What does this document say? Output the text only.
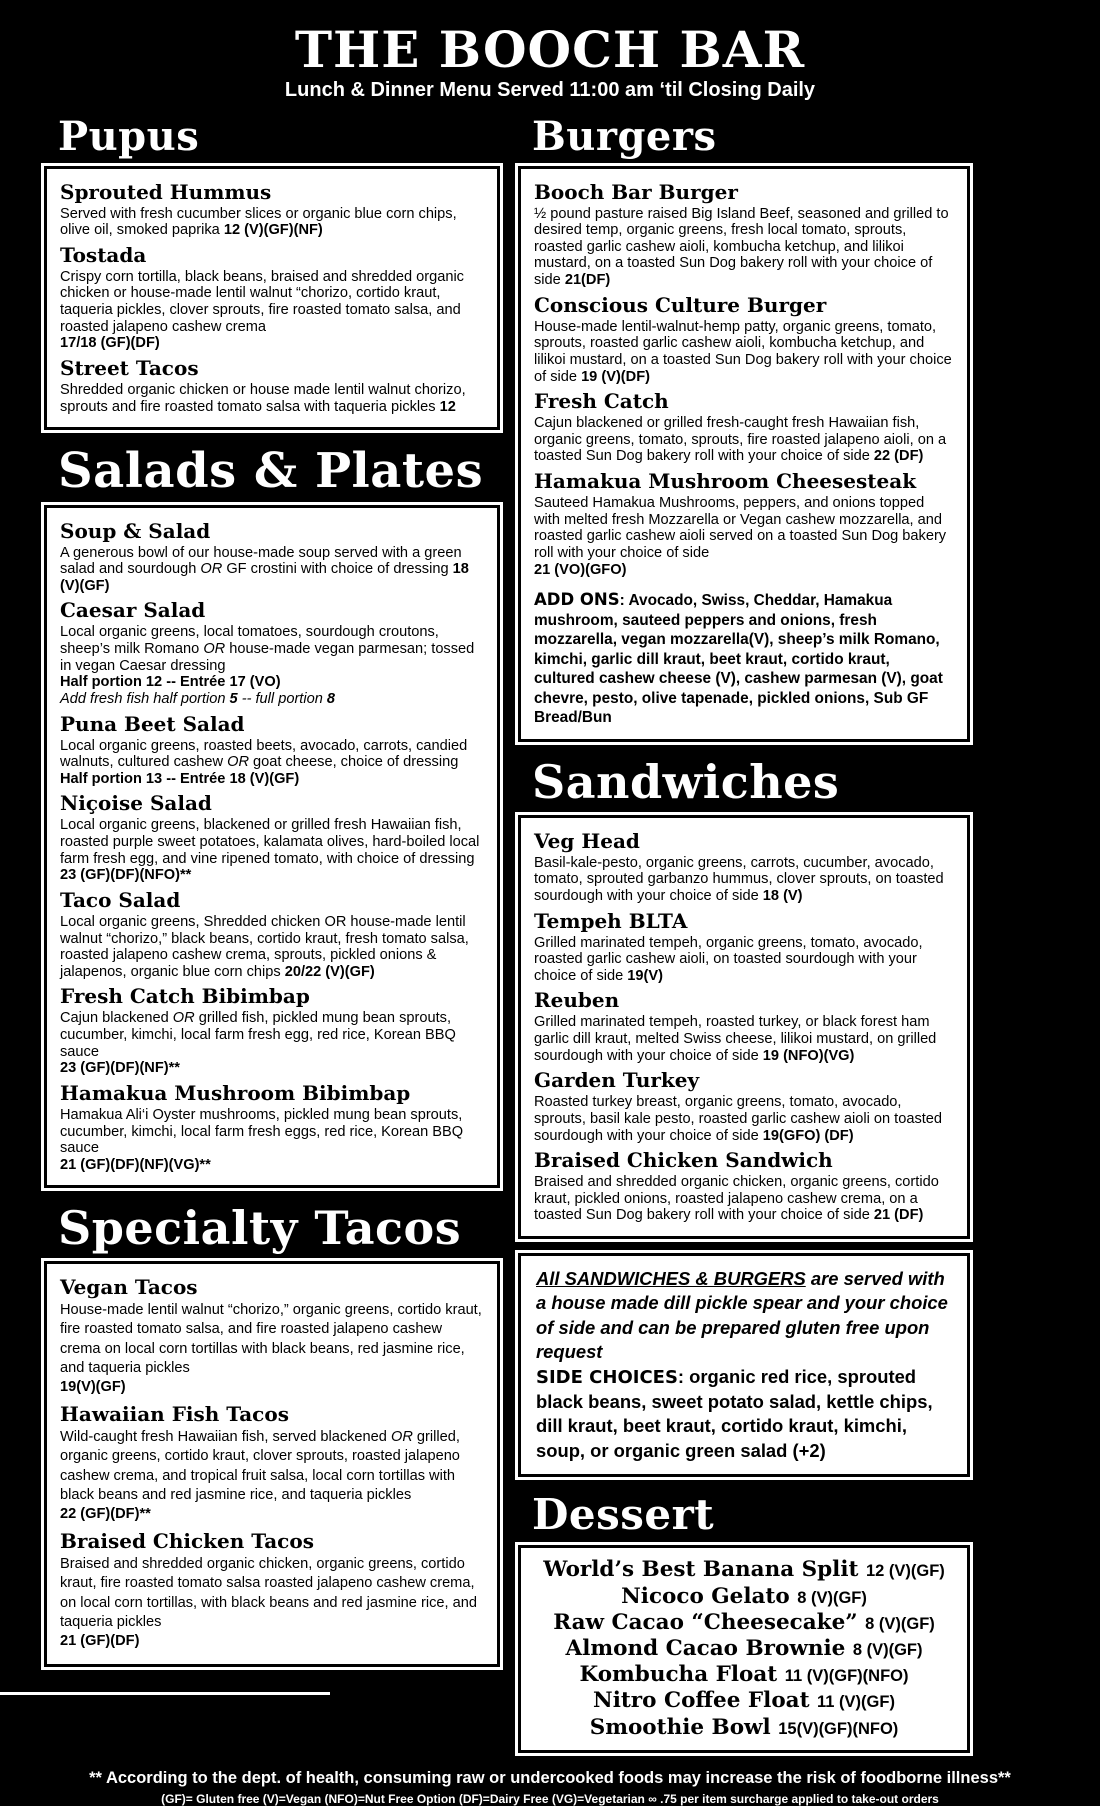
THE BOOCH BAR
Lunch & Dinner Menu Served 11:00 am ‘til Closing Daily
Pupus
Sprouted Hummus
Served with fresh cucumber slices or organic blue corn chips, olive oil, smoked paprika 12 (V)(GF)(NF)
Tostada
Crispy corn tortilla, black beans, braised and shredded organic chicken or house-made lentil walnut “chorizo, cortido kraut, taqueria pickles, clover sprouts, fire roasted tomato salsa, and roasted jalapeno cashew crema
17/18 (GF)(DF)
Street Tacos
Shredded organic chicken or house made lentil walnut chorizo, sprouts and fire roasted tomato salsa with taqueria pickles 12
Salads & Plates
Soup & Salad
A generous bowl of our house-made soup served with a green salad and sourdough OR GF crostini with choice of dressing 18 (V)(GF)
Caesar Salad
Local organic greens, local tomatoes, sourdough croutons, sheep’s milk Romano OR house-made vegan parmesan; tossed in vegan Caesar dressing
Half portion 12 -- Entrée 17 (VO)
Add fresh fish half portion 5 -- full portion 8
Puna Beet Salad
Local organic greens, roasted beets, avocado, carrots, candied walnuts, cultured cashew OR goat cheese, choice of dressing
Half portion 13 -- Entrée 18 (V)(GF)
Niçoise Salad
Local organic greens, blackened or grilled fresh Hawaiian fish, roasted purple sweet potatoes, kalamata olives, hard-boiled local farm fresh egg, and vine ripened tomato, with choice of dressing
23 (GF)(DF)(NFO)**
Taco Salad
Local organic greens, Shredded chicken OR house-made lentil walnut “chorizo,” black beans, cortido kraut, fresh tomato salsa, roasted jalapeno cashew crema, sprouts, pickled onions & jalapenos, organic blue corn chips 20/22 (V)(GF)
Fresh Catch Bibimbap
Cajun blackened OR grilled fish, pickled mung bean sprouts, cucumber, kimchi, local farm fresh egg, red rice, Korean BBQ sauce
23 (GF)(DF)(NF)**
Hamakua Mushroom Bibimbap
Hamakua Ali‘i Oyster mushrooms, pickled mung bean sprouts, cucumber, kimchi, local farm fresh eggs, red rice, Korean BBQ sauce
21 (GF)(DF)(NF)(VG)**
Specialty Tacos
Vegan Tacos
House-made lentil walnut “chorizo,” organic greens, cortido kraut, fire roasted tomato salsa, and fire roasted jalapeno cashew crema on local corn tortillas with black beans, red jasmine rice, and taqueria pickles
19(V)(GF)
Hawaiian Fish Tacos
Wild-caught fresh Hawaiian fish, served blackened OR grilled, organic greens, cortido kraut, clover sprouts, roasted jalapeno cashew crema, and tropical fruit salsa, local corn tortillas with black beans and red jasmine rice, and taqueria pickles
22 (GF)(DF)**
Braised Chicken Tacos
Braised and shredded organic chicken, organic greens, cortido kraut, fire roasted tomato salsa roasted jalapeno cashew crema, on local corn tortillas, with black beans and red jasmine rice, and taqueria pickles
21 (GF)(DF)
Burgers
Booch Bar Burger
½ pound pasture raised Big Island Beef, seasoned and grilled to desired temp, organic greens, fresh local tomato, sprouts, roasted garlic cashew aioli, kombucha ketchup, and lilikoi mustard, on a toasted Sun Dog bakery roll with your choice of side 21(DF)
Conscious Culture Burger
House-made lentil-walnut-hemp patty, organic greens, tomato, sprouts, roasted garlic cashew aioli, kombucha ketchup, and lilikoi mustard, on a toasted Sun Dog bakery roll with your choice of side 19 (V)(DF)
Fresh Catch
Cajun blackened or grilled fresh-caught fresh Hawaiian fish, organic greens, tomato, sprouts, fire roasted jalapeno aioli, on a toasted Sun Dog bakery roll with your choice of side 22 (DF)
Hamakua Mushroom Cheesesteak
Sauteed Hamakua Mushrooms, peppers, and onions topped with melted fresh Mozzarella or Vegan cashew mozzarella, and roasted garlic cashew aioli served on a toasted Sun Dog bakery roll with your choice of side
21 (VO)(GFO)
ADD ONS: Avocado, Swiss, Cheddar, Hamakua mushroom, sauteed peppers and onions, fresh mozzarella, vegan mozzarella(V), sheep’s milk Romano, kimchi, garlic dill kraut, beet kraut, cortido kraut, cultured cashew cheese (V), cashew parmesan (V), goat chevre, pesto, olive tapenade, pickled onions, Sub GF Bread/Bun
Sandwiches
Veg Head
Basil-kale-pesto, organic greens, carrots, cucumber, avocado, tomato, sprouted garbanzo hummus, clover sprouts, on toasted sourdough with your choice of side 18 (V)
Tempeh BLTA
Grilled marinated tempeh, organic greens, tomato, avocado, roasted garlic cashew aioli, on toasted sourdough with your choice of side 19(V)
Reuben
Grilled marinated tempeh, roasted turkey, or black forest ham garlic dill kraut, melted Swiss cheese, lilikoi mustard, on grilled sourdough with your choice of side 19 (NFO)(VG)
Garden Turkey
Roasted turkey breast, organic greens, tomato, avocado, sprouts, basil kale pesto, roasted garlic cashew aioli on toasted sourdough with your choice of side 19(GFO) (DF)
Braised Chicken Sandwich
Braised and shredded organic chicken, organic greens, cortido kraut, pickled onions, roasted jalapeno cashew crema, on a toasted Sun Dog bakery roll with your choice of side 21 (DF)
All SANDWICHES & BURGERS are served with a house made dill pickle spear and your choice of side and can be prepared gluten free upon request
SIDE CHOICES: organic red rice, sprouted black beans, sweet potato salad, kettle chips, dill kraut, beet kraut, cortido kraut, kimchi, soup, or organic green salad (+2)
Dessert
World’s Best Banana Split 12 (V)(GF)
Nicoco Gelato 8 (V)(GF)
Raw Cacao “Cheesecake” 8 (V)(GF)
Almond Cacao Brownie 8 (V)(GF)
Kombucha Float 11 (V)(GF)(NFO)
Nitro Coffee Float 11 (V)(GF)
Smoothie Bowl 15(V)(GF)(NFO)
** According to the dept. of health, consuming raw or undercooked foods may increase the risk of foodborne illness**
(GF)= Gluten free (V)=Vegan (NFO)=Nut Free Option (DF)=Dairy Free (VG)=Vegetarian ∞ .75 per item surcharge applied to take-out orders
